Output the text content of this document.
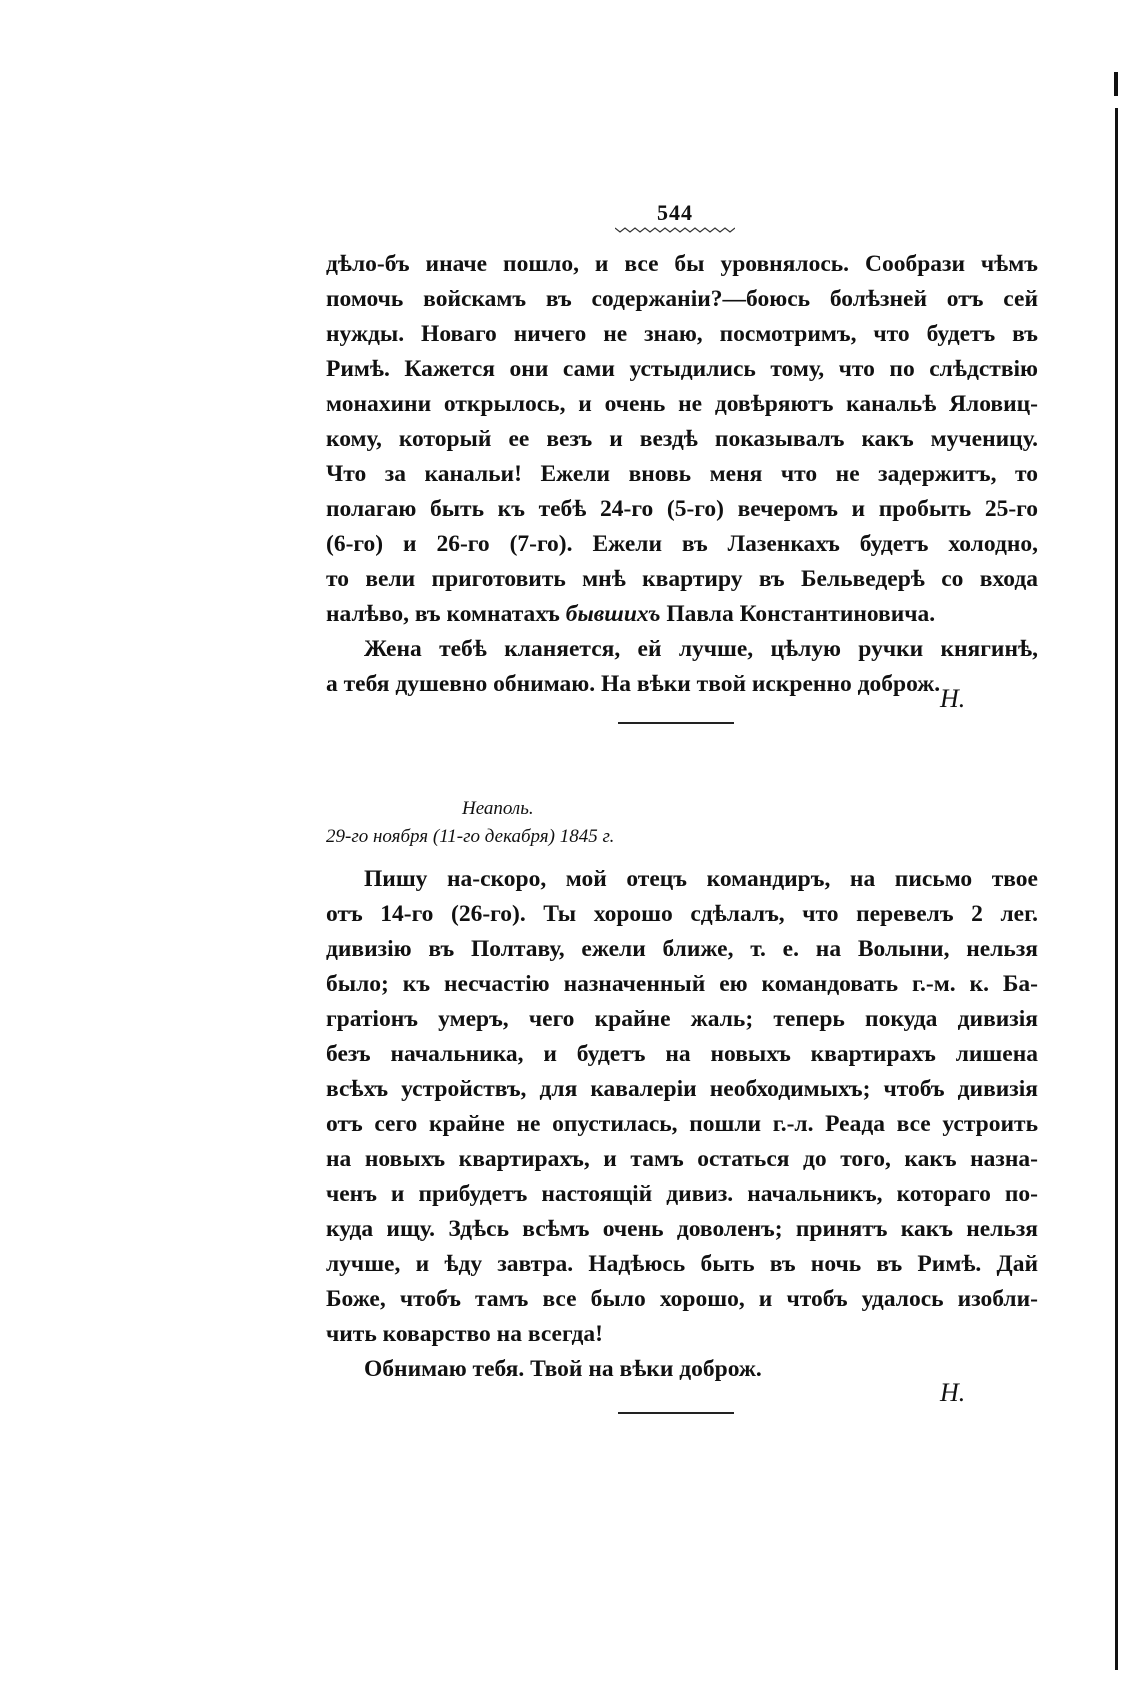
544
дѣло-бъ иначе пошло, и все бы уровнялось. Сообрази чѣмъ
помочь войскамъ въ содержаніи?—боюсь болѣзней отъ сей
нужды. Новаго ничего не знаю, посмотримъ, что будетъ въ
Римѣ. Кажется они сами устыдились тому, что по слѣдствію
монахини открылось, и очень не довѣряютъ канальѣ Яловиц-
кому, который ее везъ и вездѣ показывалъ какъ мученицу.
Что за канальи! Ежели вновь меня что не задержитъ, то
полагаю быть къ тебѣ 24-го (5-го) вечеромъ и пробыть 25-го
(6-го) и 26-го (7-го). Ежели въ Лазенкахъ будетъ холодно,
то вели приготовить мнѣ квартиру въ Бельведерѣ со входа
налѣво, въ комнатахъ бывшихъ Павла Константиновича.
Жена тебѣ кланяется, ей лучше, цѣлую ручки княгинѣ,
а тебя душевно обнимаю. На вѣки твой искренно доброж. Н.
Неаполь.
29-го ноября (11-го декабря) 1845 г.
Пишу на-скоро, мой отецъ командиръ, на письмо твое
отъ 14-го (26-го). Ты хорошо сдѣлалъ, что перевелъ 2 лег.
дивизію въ Полтаву, ежели ближе, т. е. на Волыни, нельзя
было; къ несчастію назначенный ею командовать г.-м. к. Ба-
гратіонъ умеръ, чего крайне жаль; теперь покуда дивизія
безъ начальника, и будетъ на новыхъ квартирахъ лишена
всѣхъ устройствъ, для кавалеріи необходимыхъ; чтобъ дивизія
отъ сего крайне не опустилась, пошли г.-л. Реада все устроить
на новыхъ квартирахъ, и тамъ остаться до того, какъ назна-
ченъ и прибудетъ настоящій дивиз. начальникъ, котораго по-
куда ищу. Здѣсь всѣмъ очень доволенъ; принятъ какъ нельзя
лучше, и ѣду завтра. Надѣюсь быть въ ночь въ Римѣ. Дай
Боже, чтобъ тамъ все было хорошо, и чтобъ удалось изобли-
чить коварство на всегда!
Обнимаю тебя. Твой на вѣки доброж.
Н.
